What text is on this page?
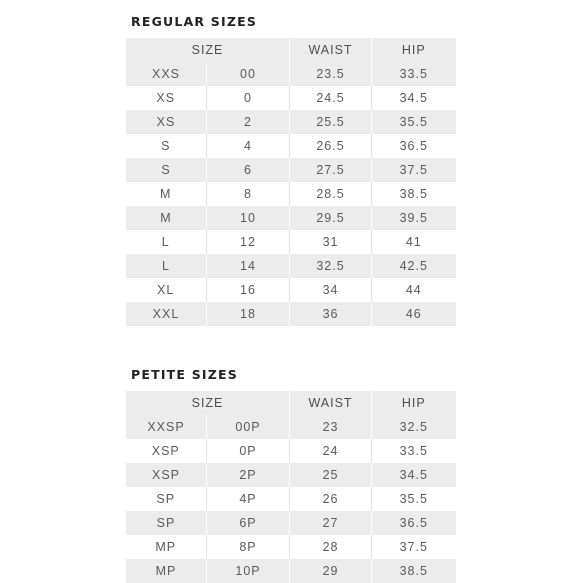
REGULAR SIZES
SIZE		WAIST	HIP
XXS	00	23.5	33.5
XS	0	24.5	34.5
XS	2	25.5	35.5
S	4	26.5	36.5
S	6	27.5	37.5
M	8	28.5	38.5
M	10	29.5	39.5
L	12	31	41
L	14	32.5	42.5
XL	16	34	44
XXL	18	36	46
PETITE SIZES
SIZE		WAIST	HIP
XXSP	00P	23	32.5
XSP	0P	24	33.5
XSP	2P	25	34.5
SP	4P	26	35.5
SP	6P	27	36.5
MP	8P	28	37.5
MP	10P	29	38.5
